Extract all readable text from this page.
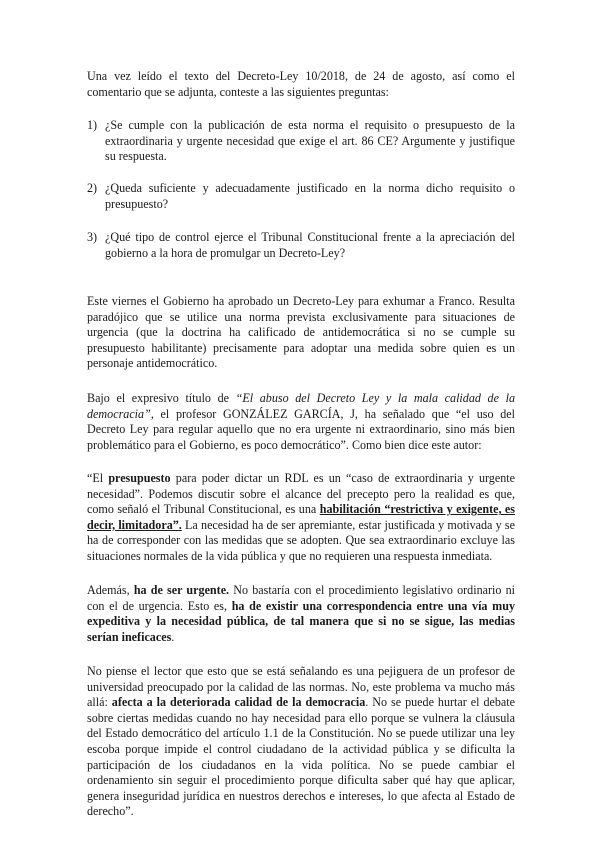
Una vez leído el texto del Decreto-Ley 10/2018, de 24 de agosto, así como el comentario que se adjunta, conteste a las siguientes preguntas:

1) ¿Se cumple con la publicación de esta norma el requisito o presupuesto de la extraordinaria y urgente necesidad que exige el art. 86 CE? Argumente y justifique su respuesta.

2) ¿Queda suficiente y adecuadamente justificado en la norma dicho requisito o presupuesto?

3) ¿Qué tipo de control ejerce el Tribunal Constitucional frente a la apreciación del gobierno a la hora de promulgar un Decreto-Ley?

Este viernes el Gobierno ha aprobado un Decreto-Ley para exhumar a Franco. Resulta paradójico que se utilice una norma prevista exclusivamente para situaciones de urgencia (que la doctrina ha calificado de antidemocrática si no se cumple su presupuesto habilitante) precisamente para adoptar una medida sobre quien es un personaje antidemocrático.

Bajo el expresivo título de “El abuso del Decreto Ley y la mala calidad de la democracia”, el profesor GONZÁLEZ GARCÍA, J, ha señalado que “el uso del Decreto Ley para regular aquello que no era urgente ni extraordinario, sino más bien problemático para el Gobierno, es poco democrático”. Como bien dice este autor:

“El presupuesto para poder dictar un RDL es un “caso de extraordinaria y urgente necesidad”. Podemos discutir sobre el alcance del precepto pero la realidad es que, como señaló el Tribunal Constitucional, es una habilitación “restrictiva y exigente, es decir, limitadora”. La necesidad ha de ser apremiante, estar justificada y motivada y se ha de corresponder con las medidas que se adopten. Que sea extraordinario excluye las situaciones normales de la vida pública y que no requieren una respuesta inmediata.

Además, ha de ser urgente. No bastaría con el procedimiento legislativo ordinario ni con el de urgencia. Esto es, ha de existir una correspondencia entre una vía muy expeditiva y la necesidad pública, de tal manera que si no se sigue, las medias serían ineficaces.

No piense el lector que esto que se está señalando es una pejiguera de un profesor de universidad preocupado por la calidad de las normas. No, este problema va mucho más allá: afecta a la deteriorada calidad de la democracia. No se puede hurtar el debate sobre ciertas medidas cuando no hay necesidad para ello porque se vulnera la cláusula del Estado democrático del artículo 1.1 de la Constitución. No se puede utilizar una ley escoba porque impide el control ciudadano de la actividad pública y se dificulta la participación de los ciudadanos en la vida política. No se puede cambiar el ordenamiento sin seguir el procedimiento porque dificulta saber qué hay que aplicar, genera inseguridad jurídica en nuestros derechos e intereses, lo que afecta al Estado de derecho”.
